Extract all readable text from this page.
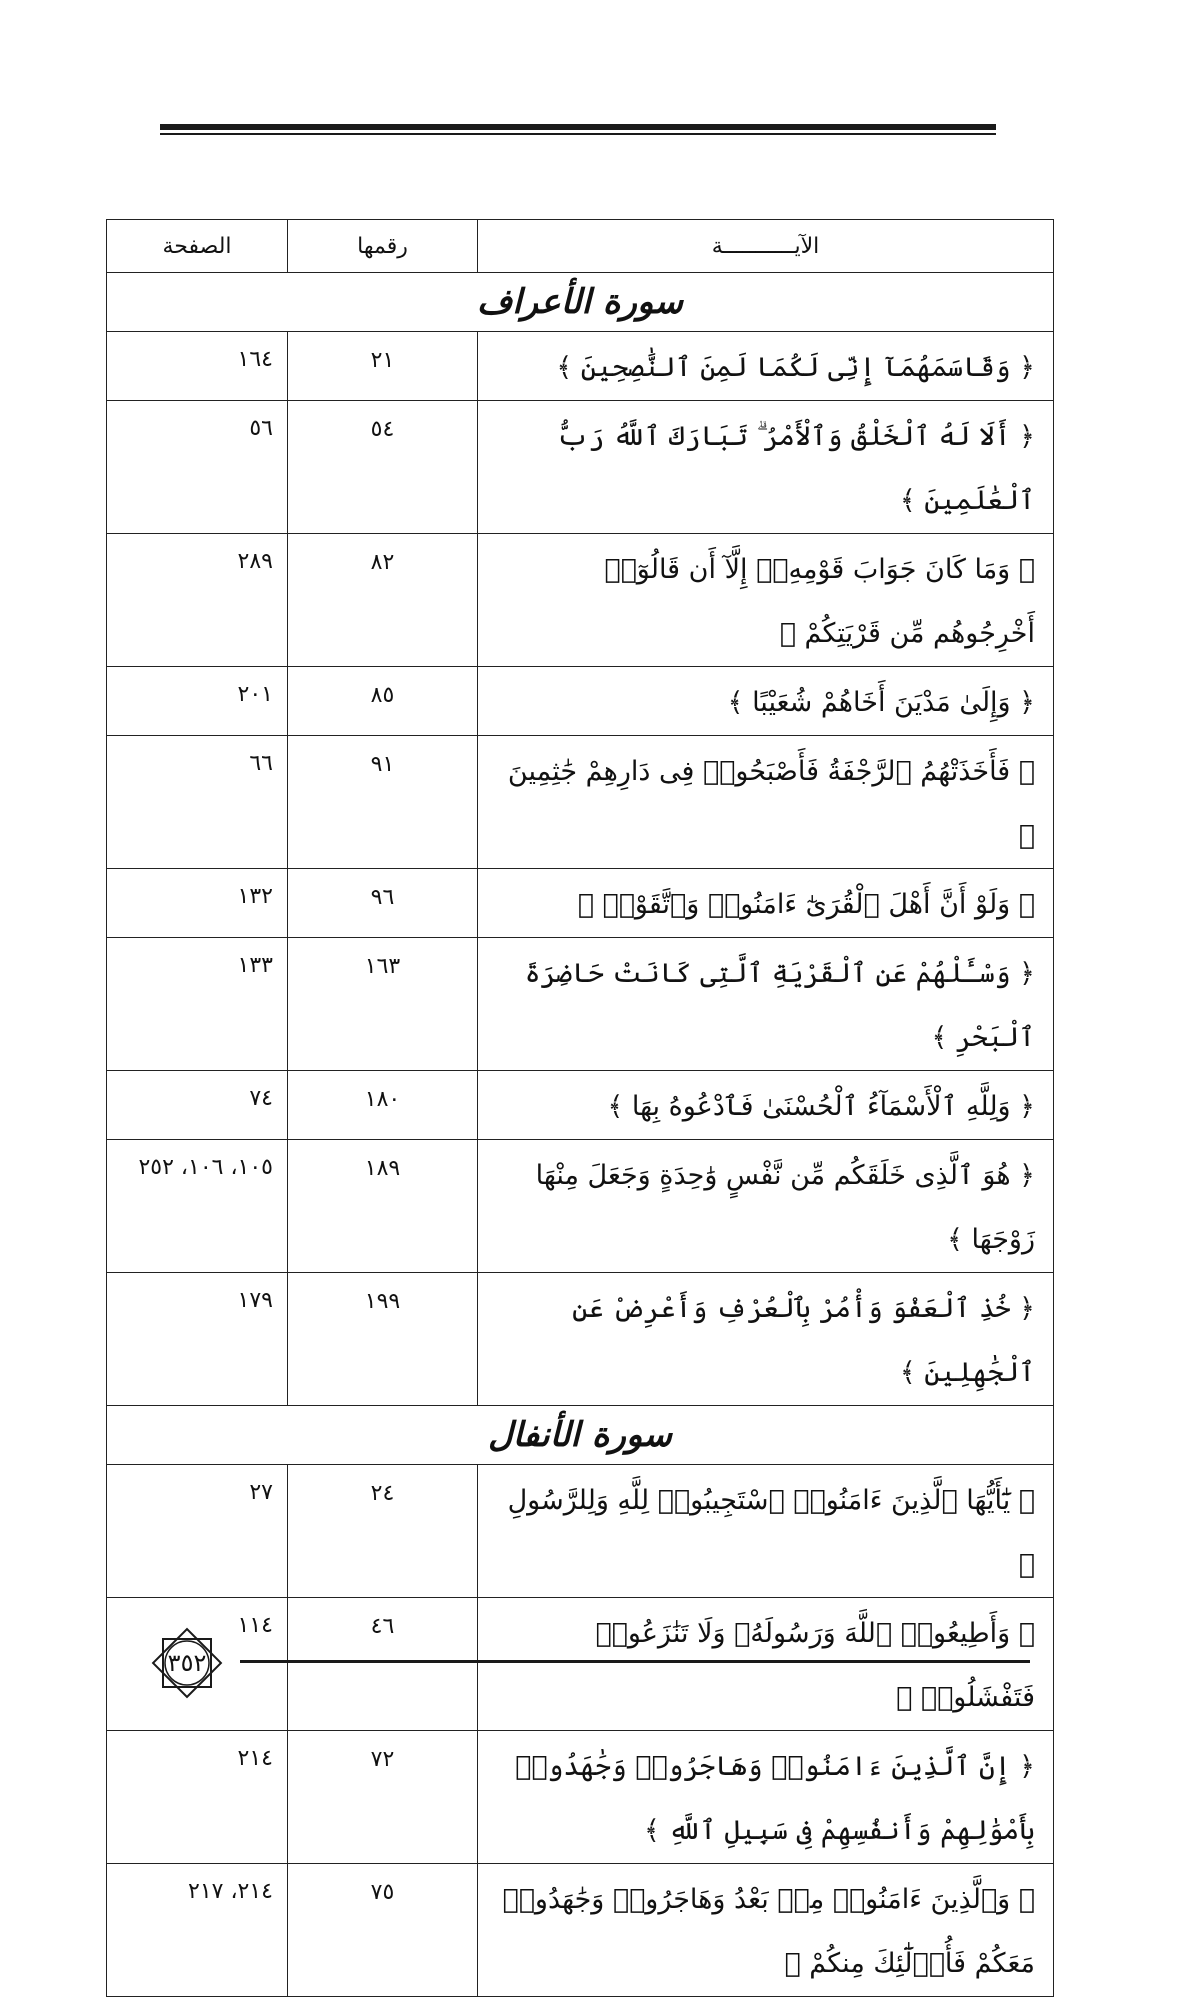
الآيـــــــــــة	رقمها	الصفحة
سورة الأعراف		
﴿ وَقَاسَمَهُمَآ إِنِّى لَكُمَا لَمِنَ ٱلنَّٰصِحِينَ ﴾	٢١	١٦٤
﴿ أَلَا لَهُ ٱلْخَلْقُ وَٱلْأَمْرُ ۗ تَبَارَكَ ٱللَّهُ رَبُّ ٱلْعَٰلَمِينَ ﴾	٥٤	٥٦
﴿ وَمَا كَانَ جَوَابَ قَوْمِهِۦٓ إِلَّآ أَن قَالُوٓا۟ أَخْرِجُوهُم مِّن قَرْيَتِكُمْ ﴾	٨٢	٢٨٩
﴿ وَإِلَىٰ مَدْيَنَ أَخَاهُمْ شُعَيْبًا ﴾	٨٥	٢٠١
﴿ فَأَخَذَتْهُمُ ٱلرَّجْفَةُ فَأَصْبَحُوا۟ فِى دَارِهِمْ جَٰثِمِينَ ﴾	٩١	٦٦
﴿ وَلَوْ أَنَّ أَهْلَ ٱلْقُرَىٰٓ ءَامَنُوا۟ وَٱتَّقَوْا۟ ﴾	٩٦	١٣٢
﴿ وَسْـَٔلْهُمْ عَنِ ٱلْقَرْيَةِ ٱلَّتِى كَانَتْ حَاضِرَةَ ٱلْبَحْرِ ﴾	١٦٣	١٣٣
﴿ وَلِلَّهِ ٱلْأَسْمَآءُ ٱلْحُسْنَىٰ فَٱدْعُوهُ بِهَا ﴾	١٨٠	٧٤
﴿ هُوَ ٱلَّذِى خَلَقَكُم مِّن نَّفْسٍ وَٰحِدَةٍ وَجَعَلَ مِنْهَا زَوْجَهَا ﴾	١٨٩	١٠٥، ١٠٦، ٢٥٢
﴿ خُذِ ٱلْعَفْوَ وَأْمُرْ بِٱلْعُرْفِ وَأَعْرِضْ عَنِ ٱلْجَٰهِلِينَ ﴾	١٩٩	١٧٩
سورة الأنفال		
﴿ يَٰٓأَيُّهَا ٱلَّذِينَ ءَامَنُوا۟ ٱسْتَجِيبُوا۟ لِلَّهِ وَلِلرَّسُولِ ﴾	٢٤	٢٧
﴿ وَأَطِيعُوا۟ ٱللَّهَ وَرَسُولَهُۥ وَلَا تَنَٰزَعُوا۟ فَتَفْشَلُوا۟ ﴾	٤٦	١١٤
﴿ إِنَّ ٱلَّذِينَ ءَامَنُوا۟ وَهَاجَرُوا۟ وَجَٰهَدُوا۟ بِأَمْوَٰلِهِمْ وَأَنفُسِهِمْ فِى سَبِيلِ ٱللَّهِ ﴾	٧٢	٢١٤
﴿ وَٱلَّذِينَ ءَامَنُوا۟ مِنۢ بَعْدُ وَهَاجَرُوا۟ وَجَٰهَدُوا۟ مَعَكُمْ فَأُو۟لَٰٓئِكَ مِنكُمْ ﴾	٧٥	٢١٤، ٢١٧
٣٥٢
